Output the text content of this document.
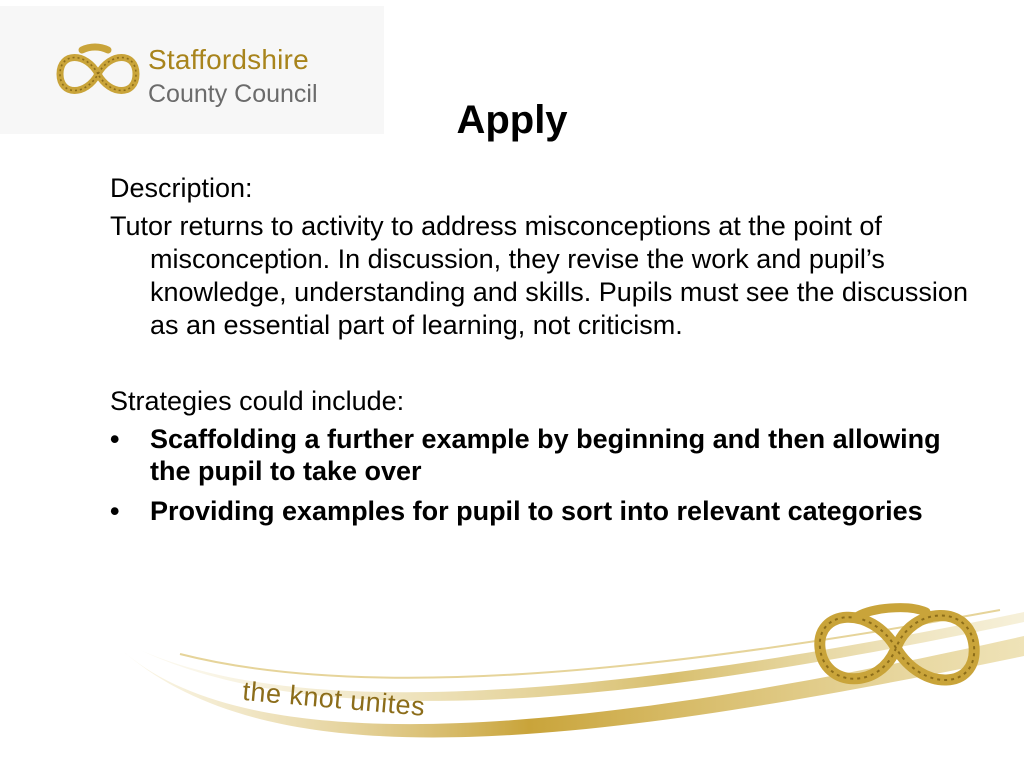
Staffordshire
County Council
Apply

Description:

Tutor returns to activity to address misconceptions at the point of misconception. In discussion, they revise the work and pupil’s knowledge, understanding and skills. Pupils must see the discussion as an essential part of learning, not criticism.

Strategies could include:

• Scaffolding a further example by beginning and then allowing the pupil to take over
• Providing examples for pupil to sort into relevant categories
the knot unites
